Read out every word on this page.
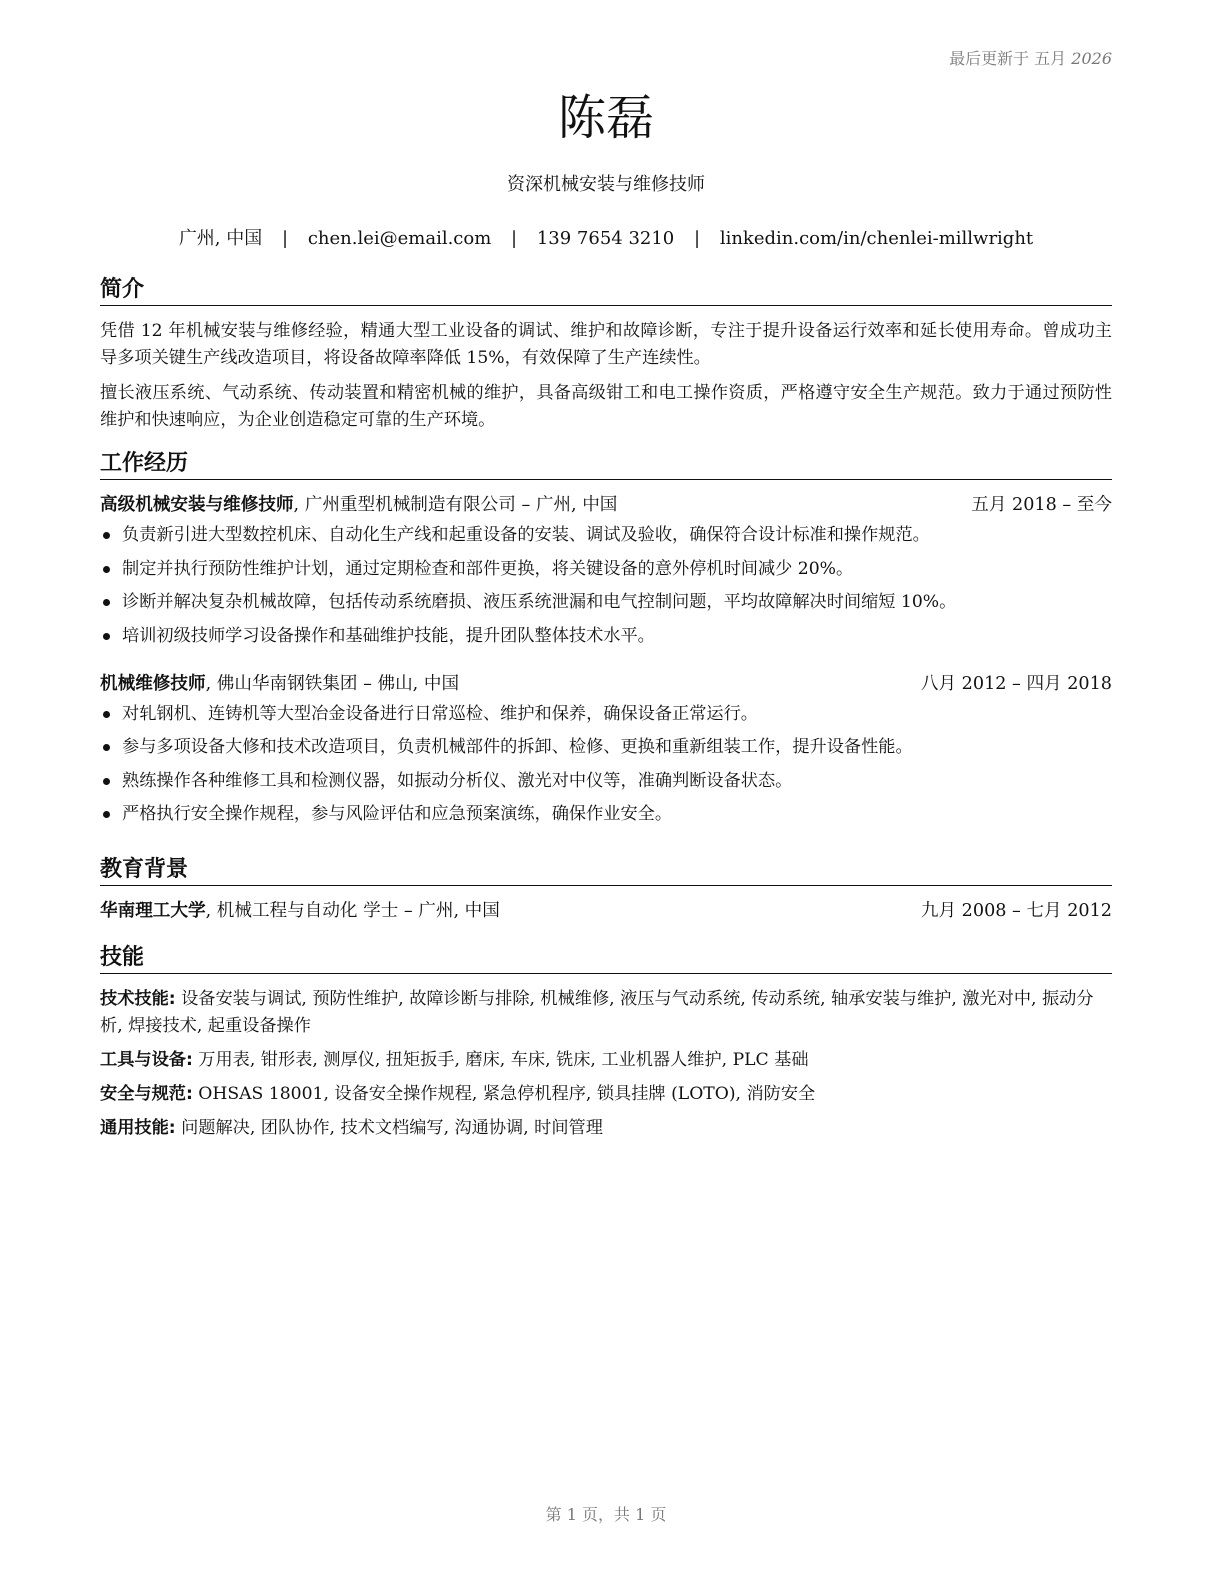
最后更新于 五月 2026
陈磊
资深机械安装与维修技师
广州, 中国 | chen.lei@email.com | 139 7654 3210 | linkedin.com/in/chenlei-millwright
简介

凭借 12 年机械安装与维修经验，精通大型工业设备的调试、维护和故障诊断，专注于提升设备运行效率和延长使用寿命。曾成功主导多项关键生产线改造项目，将设备故障率降低 15%，有效保障了生产连续性。

擅长液压系统、气动系统、传动装置和精密机械的维护，具备高级钳工和电工操作资质，严格遵守安全生产规范。致力于通过预防性维护和快速响应，为企业创造稳定可靠的生产环境。

工作经历
高级机械安装与维修技师, 广州重型机械制造有限公司 – 广州, 中国	五月 2018 – 至今
负责新引进大型数控机床、自动化生产线和起重设备的安装、调试及验收，确保符合设计标准和操作规范。
制定并执行预防性维护计划，通过定期检查和部件更换，将关键设备的意外停机时间减少 20%。
诊断并解决复杂机械故障，包括传动系统磨损、液压系统泄漏和电气控制问题，平均故障解决时间缩短 10%。
培训初级技师学习设备操作和基础维护技能，提升团队整体技术水平。
机械维修技师, 佛山华南钢铁集团 – 佛山, 中国	八月 2012 – 四月 2018
对轧钢机、连铸机等大型冶金设备进行日常巡检、维护和保养，确保设备正常运行。
参与多项设备大修和技术改造项目，负责机械部件的拆卸、检修、更换和重新组装工作，提升设备性能。
熟练操作各种维修工具和检测仪器，如振动分析仪、激光对中仪等，准确判断设备状态。
严格执行安全操作规程，参与风险评估和应急预案演练，确保作业安全。
教育背景
华南理工大学, 机械工程与自动化 学士 – 广州, 中国	九月 2008 – 七月 2012
技能
技术技能: 设备安装与调试, 预防性维护, 故障诊断与排除, 机械维修, 液压与气动系统, 传动系统, 轴承安装与维护, 激光对中, 振动分析, 焊接技术, 起重设备操作
工具与设备: 万用表, 钳形表, 测厚仪, 扭矩扳手, 磨床, 车床, 铣床, 工业机器人维护, PLC 基础
安全与规范: OHSAS 18001, 设备安全操作规程, 紧急停机程序, 锁具挂牌 (LOTO), 消防安全
通用技能: 问题解决, 团队协作, 技术文档编写, 沟通协调, 时间管理
第 1 页，共 1 页
